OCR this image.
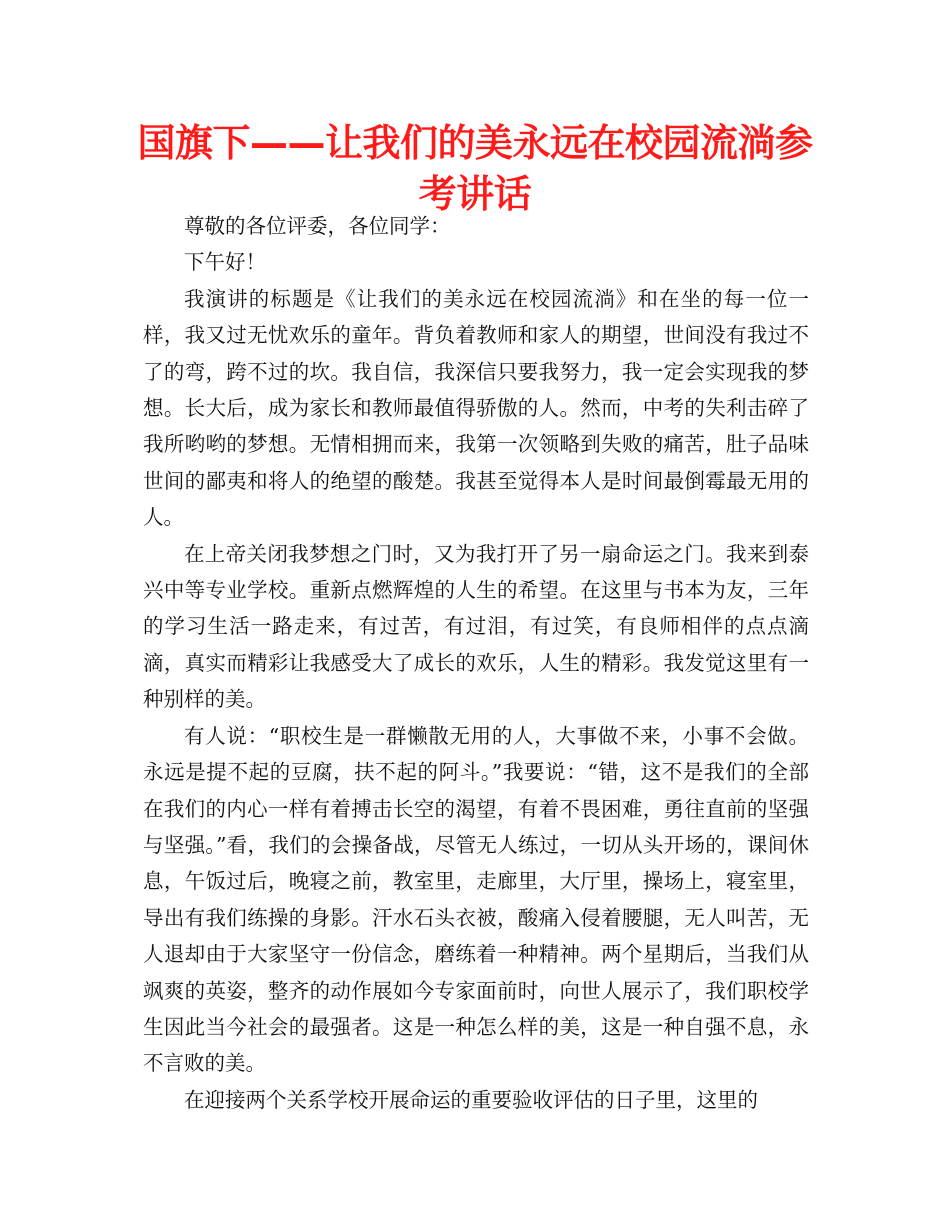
国旗下——让我们的美永远在校园流淌参考讲话

尊敬的各位评委，各位同学：

下午好！

我演讲的标题是《让我们的美永远在校园流淌》和在坐的每一位一样，我又过无忧欢乐的童年。背负着教师和家人的期望，世间没有我过不了的弯，跨不过的坎。我自信，我深信只要我努力，我一定会实现我的梦想。长大后，成为家长和教师最值得骄傲的人。然而，中考的失利击碎了我所哟哟的梦想。无情相拥而来，我第一次领略到失败的痛苦，肚子品味世间的鄙夷和将人的绝望的酸楚。我甚至觉得本人是时间最倒霉最无用的人。

在上帝关闭我梦想之门时，又为我打开了另一扇命运之门。我来到泰兴中等专业学校。重新点燃辉煌的人生的希望。在这里与书本为友，三年的学习生活一路走来，有过苦，有过泪，有过笑，有良师相伴的点点滴滴，真实而精彩让我感受大了成长的欢乐，人生的精彩。我发觉这里有一种别样的美。

有人说：“职校生是一群懒散无用的人，大事做不来，小事不会做。永远是提不起的豆腐，扶不起的阿斗。”我要说：“错，这不是我们的全部在我们的内心一样有着搏击长空的渴望，有着不畏困难，勇往直前的坚强与坚强。”看，我们的会操备战，尽管无人练过，一切从头开场的，课间休息，午饭过后，晚寝之前，教室里，走廊里，大厅里，操场上，寝室里，导出有我们练操的身影。汗水石头衣被，酸痛入侵着腰腿，无人叫苦，无人退却由于大家坚守一份信念，磨练着一种精神。两个星期后，当我们从飒爽的英姿，整齐的动作展如今专家面前时，向世人展示了，我们职校学生因此当今社会的最强者。这是一种怎么样的美，这是一种自强不息，永不言败的美。

在迎接两个关系学校开展命运的重要验收评估的日子里，这里的
